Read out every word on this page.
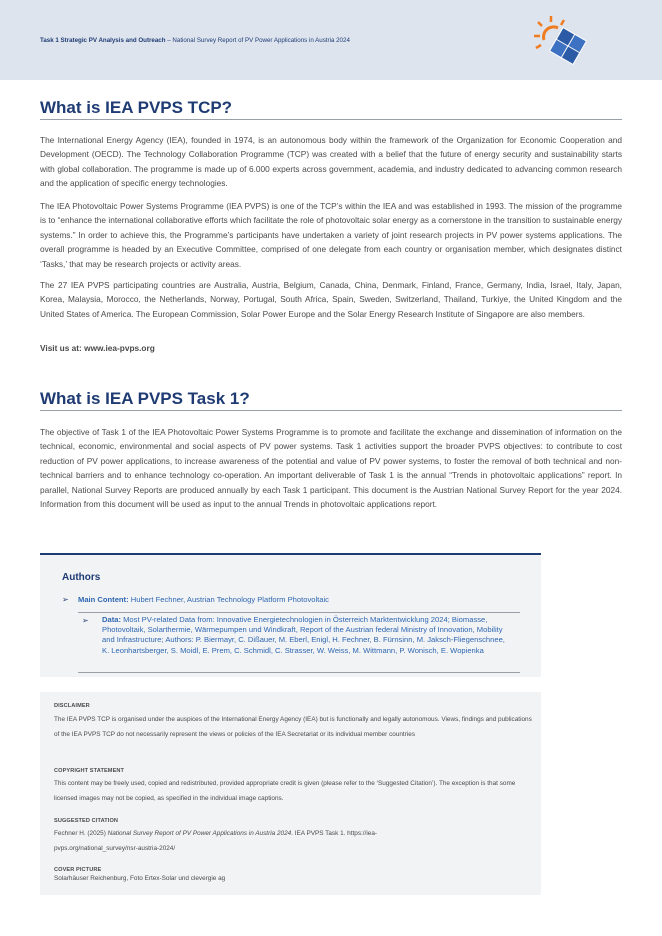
Task 1 Strategic PV Analysis and Outreach – National Survey Report of PV Power Applications in Austria 2024
What is IEA PVPS TCP?

The International Energy Agency (IEA), founded in 1974, is an autonomous body within the framework of the Organization for Economic Cooperation and Development (OECD). The Technology Collaboration Programme (TCP) was created with a belief that the future of energy security and sustainability starts with global collaboration. The programme is made up of 6.000 experts across government, academia, and industry dedicated to advancing common research and the application of specific energy technologies.

The IEA Photovoltaic Power Systems Programme (IEA PVPS) is one of the TCP’s within the IEA and was established in 1993. The mission of the programme is to “enhance the international collaborative efforts which facilitate the role of photovoltaic solar energy as a cornerstone in the transition to sustainable energy systems.” In order to achieve this, the Programme’s participants have undertaken a variety of joint research projects in PV power systems applications. The overall programme is headed by an Executive Committee, comprised of one delegate from each country or organisation member, which designates distinct ‘Tasks,’ that may be research projects or activity areas.

The 27 IEA PVPS participating countries are Australia, Austria, Belgium, Canada, China, Denmark, Finland, France, Germany, India, Israel, Italy, Japan, Korea, Malaysia, Morocco, the Netherlands, Norway, Portugal, South Africa, Spain, Sweden, Switzerland, Thailand, Turkiye, the United Kingdom and the United States of America. The European Commission, Solar Power Europe and the Solar Energy Research Institute of Singapore are also members.

Visit us at: www.iea-pvps.org
What is IEA PVPS Task 1?

The objective of Task 1 of the IEA Photovoltaic Power Systems Programme is to promote and facilitate the exchange and dissemination of information on the technical, economic, environmental and social aspects of PV power systems. Task 1 activities support the broader PVPS objectives: to contribute to cost reduction of PV power applications, to increase awareness of the potential and value of PV power systems, to foster the removal of both technical and non-technical barriers and to enhance technology co-operation. An important deliverable of Task 1 is the annual “Trends in photovoltaic applications” report. In parallel, National Survey Reports are produced annually by each Task 1 participant. This document is the Austrian National Survey Report for the year 2024. Information from this document will be used as input to the annual Trends in photovoltaic applications report.

Authors
➢ Main Content: Hubert Fechner, Austrian Technology Platform Photovoltaic
➢ Data: Most PV-related Data from: Innovative Energietechnologien in Österreich Marktentwicklung 2024; Biomasse, Photovoltaik, Solarthermie, Wärmepumpen und Windkraft, Report of the Austrian federal Ministry of Innovation, Mobility and Infrastructure; Authors: P. Biermayr, C. Dißauer, M. Eberl, Enigl, H. Fechner, B. Fürnsinn, M. Jaksch-Fliegenschnee, K. Leonhartsberger, S. Moidl, E. Prem, C. Schmidl, C. Strasser, W. Weiss, M. Wittmann, P. Wonisch, E. Wopienka
DISCLAIMER
The IEA PVPS TCP is organised under the auspices of the International Energy Agency (IEA) but is functionally and legally autonomous. Views, findings and publications of the IEA PVPS TCP do not necessarily represent the views or policies of the IEA Secretariat or its individual member countries
COPYRIGHT STATEMENT
This content may be freely used, copied and redistributed, provided appropriate credit is given (please refer to the ‘Suggested Citation’). The exception is that some licensed images may not be copied, as specified in the individual image captions.
SUGGESTED CITATION
Fechner H. (2025) National Survey Report of PV Power Applications in Austria 2024. IEA PVPS Task 1. https://iea-pvps.org/national_survey/nsr-austria-2024/
COVER PICTURE
Solarhäuser Reichenburg, Foto Ertex-Solar und clevergie ag
